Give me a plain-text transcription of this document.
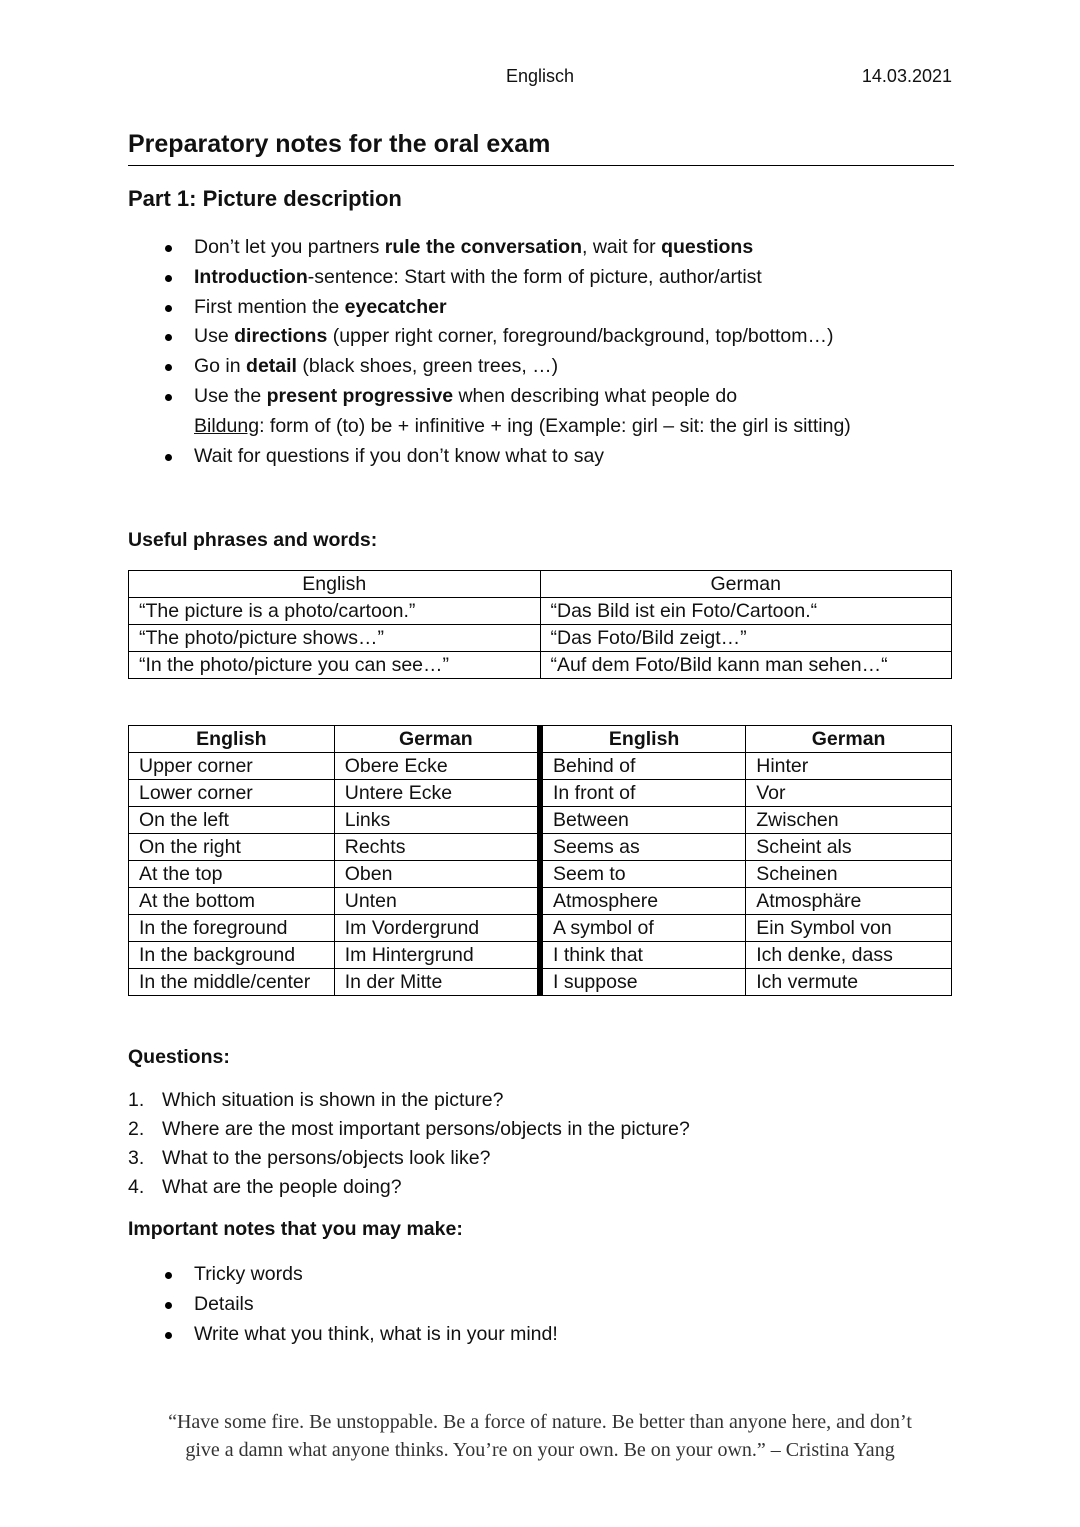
Englisch	14.03.2021
Preparatory notes for the oral exam
Part 1: Picture description
Don’t let you partners rule the conversation, wait for questions
Introduction-sentence: Start with the form of picture, author/artist
First mention the eyecatcher
Use directions (upper right corner, foreground/background, top/bottom…)
Go in detail (black shoes, green trees, …)
Use the present progressive when describing what people do
Bildung: form of (to) be + infinitive + ing (Example: girl – sit: the girl is sitting)
Wait for questions if you don’t know what to say
Useful phrases and words:
English	German
“The picture is a photo/cartoon.”	“Das Bild ist ein Foto/Cartoon.“
“The photo/picture shows…”	“Das Foto/Bild zeigt…”
“In the photo/picture you can see…”	“Auf dem Foto/Bild kann man sehen…“
English	German	English	German
Upper corner	Obere Ecke	Behind of	Hinter
Lower corner	Untere Ecke	In front of	Vor
On the left	Links	Between	Zwischen
On the right	Rechts	Seems as	Scheint als
At the top	Oben	Seem to	Scheinen
At the bottom	Unten	Atmosphere	Atmosphäre
In the foreground	Im Vordergrund	A symbol of	Ein Symbol von
In the background	Im Hintergrund	I think that	Ich denke, dass
In the middle/center	In der Mitte	I suppose	Ich vermute
Questions:
1. Which situation is shown in the picture?
2. Where are the most important persons/objects in the picture?
3. What to the persons/objects look like?
4. What are the people doing?
Important notes that you may make:
Tricky words
Details
Write what you think, what is in your mind!
“Have some fire. Be unstoppable. Be a force of nature. Be better than anyone here, and don’t
give a damn what anyone thinks. You’re on your own. Be on your own.” – Cristina Yang
